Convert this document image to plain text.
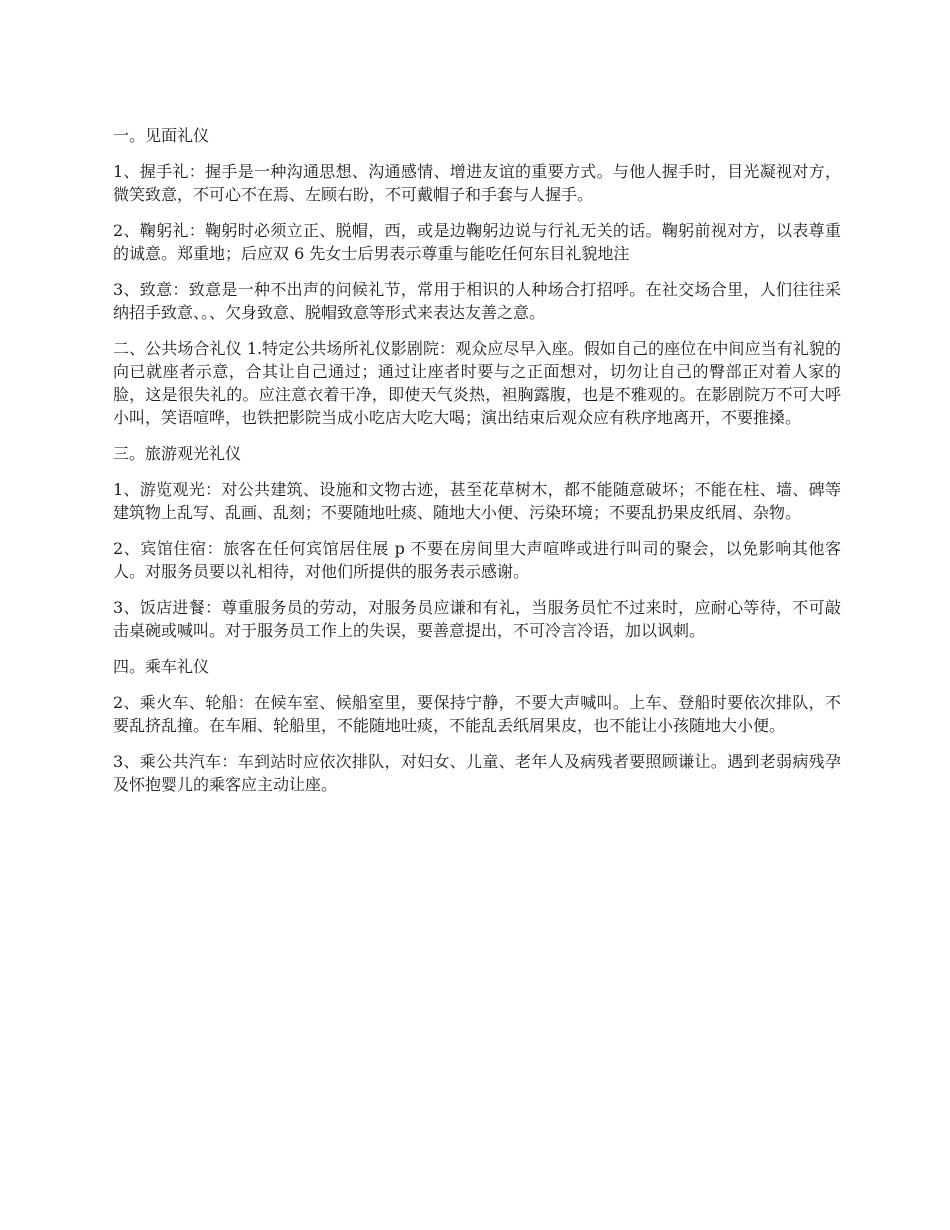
一。见面礼仪

1、握手礼：握手是一种沟通思想、沟通感情、增进友谊的重要方式。与他人握手时，目光凝视对方，微笑致意，不可心不在焉、左顾右盼，不可戴帽子和手套与人握手。

2、鞠躬礼：鞠躬时必须立正、脱帽，西，或是边鞠躬边说与行礼无关的话。鞠躬前视对方，以表尊重的诚意。郑重地；后应双 6 先女士后男表示尊重与能吃任何东目礼貌地注

3、致意：致意是一种不出声的问候礼节，常用于相识的人种场合打招呼。在社交场合里，人们往往采纳招手致意、。、欠身致意、脱帽致意等形式来表达友善之意。

二、公共场合礼仪 1.特定公共场所礼仪影剧院：观众应尽早入座。假如自己的座位在中间应当有礼貌的向已就座者示意，合其让自己通过；通过让座者时要与之正面想对，切勿让自己的臀部正对着人家的脸，这是很失礼的。应注意衣着干净，即使天气炎热，袒胸露腹，也是不雅观的。在影剧院万不可大呼小叫，笑语喧哗，也铁把影院当成小吃店大吃大喝；演出结束后观众应有秩序地离开，不要推搡。

三。旅游观光礼仪

1、游览观光：对公共建筑、设施和文物古迹，甚至花草树木，都不能随意破坏；不能在柱、墙、碑等建筑物上乱写、乱画、乱刻；不要随地吐痰、随地大小便、污染环境；不要乱扔果皮纸屑、杂物。

2、宾馆住宿：旅客在任何宾馆居住展 p 不要在房间里大声喧哗或进行叫司的聚会，以免影响其他客人。对服务员要以礼相待，对他们所提供的服务表示感谢。

3、饭店进餐：尊重服务员的劳动，对服务员应谦和有礼，当服务员忙不过来时，应耐心等待，不可敲击桌碗或喊叫。对于服务员工作上的失误，要善意提出，不可冷言冷语，加以讽刺。

四。乘车礼仪

2、乘火车、轮船：在候车室、候船室里，要保持宁静，不要大声喊叫。上车、登船时要依次排队，不要乱挤乱撞。在车厢、轮船里，不能随地吐痰，不能乱丢纸屑果皮，也不能让小孩随地大小便。

3、乘公共汽车：车到站时应依次排队，对妇女、儿童、老年人及病残者要照顾谦让。遇到老弱病残孕及怀抱婴儿的乘客应主动让座。
